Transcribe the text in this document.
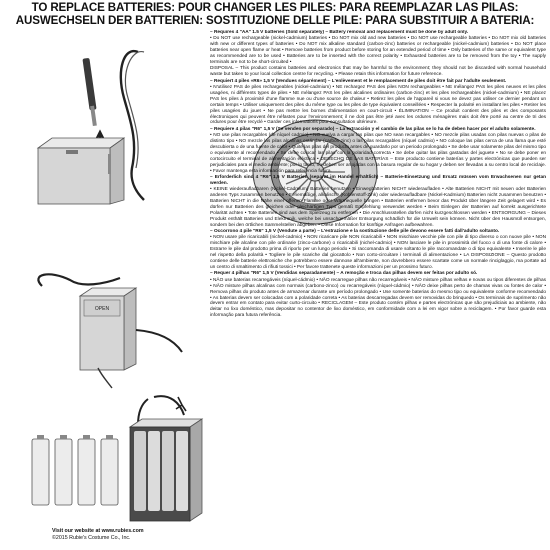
TO REPLACE BATTERIES: POUR CHANGER LES PILES: PARA REEMPLAZAR LAS PILAS:
AUSWECHSELN DER BATTERIEN: SOSTITUZIONE DELLE PILE: PARA SUBSTITUIR A BATERIA:
OPEN

– Requires 4 "AA" 1.5 V batteries (Sold separately) – Battery removal and replacement must be done by adult only.

• Do NOT use rechargeable (nickel-cadmium) batteries • Do NOT mix old and new batteries • Do NOT use rechargeable batteries • Do NOT mix old batteries with new or different types of batteries • Do NOT mix alkaline standard (carbon-zinc) batteries or rechargeable (nickel-cadmium) batteries • Do NOT place batteries near open flame or heat • Remove batteries from product before storing for an extended period of time • Only batteries of the same or equivalent type as recommended are to be used • Batteries are to be inserted with the correct polarity • Exhausted batteries are to be removed from the toy • The supply terminals are not to be short-circuited •

DISPOSAL – This product contains batteries and electronics that may be harmful to the environment; they should not be discarded with normal household waste but taken to your local collection centre for recycling. • Please retain this information for future reference.

– Requiert 4 piles «R6» 1,5 V (Vendues séparément) – L'enlèvement et le remplacement de piles doit être fait par l'adulte seulement.

• N'utilisez PAS de piles rechargeables (nickel-cadmium) • NE rechargez PAS des piles NON rechargeables • NE mélangez PAS les piles neuves et les piles usagées, ni différents types de piles • NE mélangez PAS les piles alcalines ordinaires (carbon-zinc) et les piles rechargeables (nickel-cadmium) • NE placez PAS les piles à proximité d'une flamme nue ou d'une source de chaleur • Retirez les piles de l'appareil si vous ne devez pas utiliser ce dernier pendant un certain temps • Utiliser uniquement des piles du même type ou les piles de type équivalent conseillées • Respecter la polarité en installant les piles • Retirer les piles usagées du jouet • Ne pas mettre les bornes d'alimentation en court-circuit • ÉLIMINATION – Ce produit contient des piles et des composants électroniques qui peuvent être néfastes pour l'environnement; il ne doit pas être jeté avec les ordures ménagères mais doit être porté au centre de tri des ordures pour être recyclé • Garder ces informations pour consultation ultérieure.

– Requiere 4 pilas "R6" 1,5 V (Se venden por separado) – La extracción y el cambio de las pilas se lo ha de deben hacer por el adulto solamente.

• NO use pilas recargables (de níquel cadmio) • NO vuelva a cargar las pilas que NO sean recargables • NO mezcle pilas usadas con pilas nuevas o pilas de distinto tipo • NO mezcle las pilas alcalinas estándar (carbón zinc) o las pilas recargables (níquel cadmio) • NO coloque las pilas cerca de una llama que esté descubierta o de una fuente de calor • Quite las pilas del producto antes de guardarlo por un periodo prolongado • Se debe usar solamente pilas del mismo tipo o equivalente al recomendado • Se debe colocar las pilas con la polaridad correcta • Se debe quitar las pilas gastadas del juguete • No se debe poner en cortocircuito el terminal de alimentación eléctrica • DESECHO DE LAS BATERÍAS – Este producto contiene baterías y partes electrónicas que pueden ser perjudiciales para el medio ambiente; por lo tanto, no deben ser arrojadas con la basura regular de su hogar y deben ser llevadas a su centro local de reciclaje. • Favor mantenga esta información para referencia futura.

– Erforderlich sind 4 "R6" 1,5 V Batterien (separat im Handel erhältlich) – Batterie-Einsetzung und Ersatz müssen vom Erwachsenen nur getan werden.

• KEINE wiederaufladbaren (Nickel-Cadmium) Batterien benutzen • Einwegbatterien NICHT wiederaufladen • Alte Batterien NICHT mit neuen oder Batterien anderen Typs zusammen benutzen • Seriemäßige, alkalische (Kohlenstoff-Zink) oder wiederaufladbare (Nickel-Kadmium) Batterien nicht zusammen benutzen • Batterien NICHT in die Nähe einer offenen Flamme oder Wärmequelle bringen • Batterien entfernen bevor das Produkt über längere Zeit gelagert wird • Es dürfen nur Batterien des gleichen oder gleichartigen Typs gemäß Empfehlung verwendet werden • Beim Einlegen der Batterien auf korrekt ausgerichtete Polarität achten • Tote Batterien sind aus dem Spielzeug zu entfernen • Die Anschlussstellen dürfen nicht kurzgeschlossen werden • ENTSORGUNG – Dieses Produkt enthält Batterien und Elektronik, welche bei unsachgemäßer Entsorgung schädlich für die Umwelt sein können. Nicht über den Hausmüll entsorgen, sondern bei den örtlichen Sammelstellen abgeben. • Diese Information für künftige Anfragen aufbewahren.

– Occorrono 4 pile "R6" 1,5 V (Vendute a parte) – L'estrazione e la sostituzione delle pile devono essere fatti dall'adulto soltanto.

• NON usare pile ricaricabili (nichel-cadmio) • NON ricaricare pile NON ricaricabili • NON mischiare vecchie pile con pile di tipo diverso o con nuove pile • NON mischiare pile alcaline con pile ordinarie (zinco-carbone) o ricaricabili (nichel-cadmio) • NON lasciare le pile in prossimità del fuoco o di una fonte di calore • Estrarre le pile dal prodotto prima di riporlo per un lungo periodo • Si raccomanda di usare soltanto le pile raccomandate o di tipo equivalente • Inserire le pile nel rispetto della polarità • Togliere le pile scariche dal giocattolo • Non corto-circuitare i terminali di alimentazione • LA DISPOSIZIONE – Questo prodotto contiene delle batterie elettroniche che potrebbero essere dannose all'ambiente, non dovrebbero essere scartate come un normale rinciglaggio, ma portate ad un centro di smaltimento di rifiuti tossici • Per favore trattenete queste informazioni per un prossimo futuro.

– Requer 4 pilhas "R6" 1,5 V (Vendidas separadamente) – A remoção e troca das pilhas devem ser feitas por adulto só.

• NÃO use baterias recarregáveis (níquel-cádmio) • NÃO recarregue pilhas não recarregáveis • NÃO misture pilhas velhas e novas ou tipos diferentes de pilhas • NÃO misture pilhas alcalinas com normais (carbono-zinco) ou recarregáveis (níquel-cádmio) • NÃO deixe pilhas perto de chamas vivas ou fontes de calor • Remova pilhas do produto antes de armazenar durante um período prolongado • Use somente baterias do mesmo tipo ou equivalente conforme recomendado • As baterias devem ser colocadas com a polaridade correta • As baterias descarregadas devem ser removidas do brinquedo • Os terminais de suprimento não devem entrar em contato para evitar curto-circuito • RECICLAGEM – Este produto contém pilhas e partes electrónicas que são prejudiciais ao ambiente, não deitar no lixo doméstico, mas depositar no contentor de lixo doméstico, em conformidade com a lei em vigor sobre a reciclagem. • Por favor guarde esta informação para futura referência.

Visit our website at www.rubies.com
©2015 Rubie's Costume Co., Inc.
